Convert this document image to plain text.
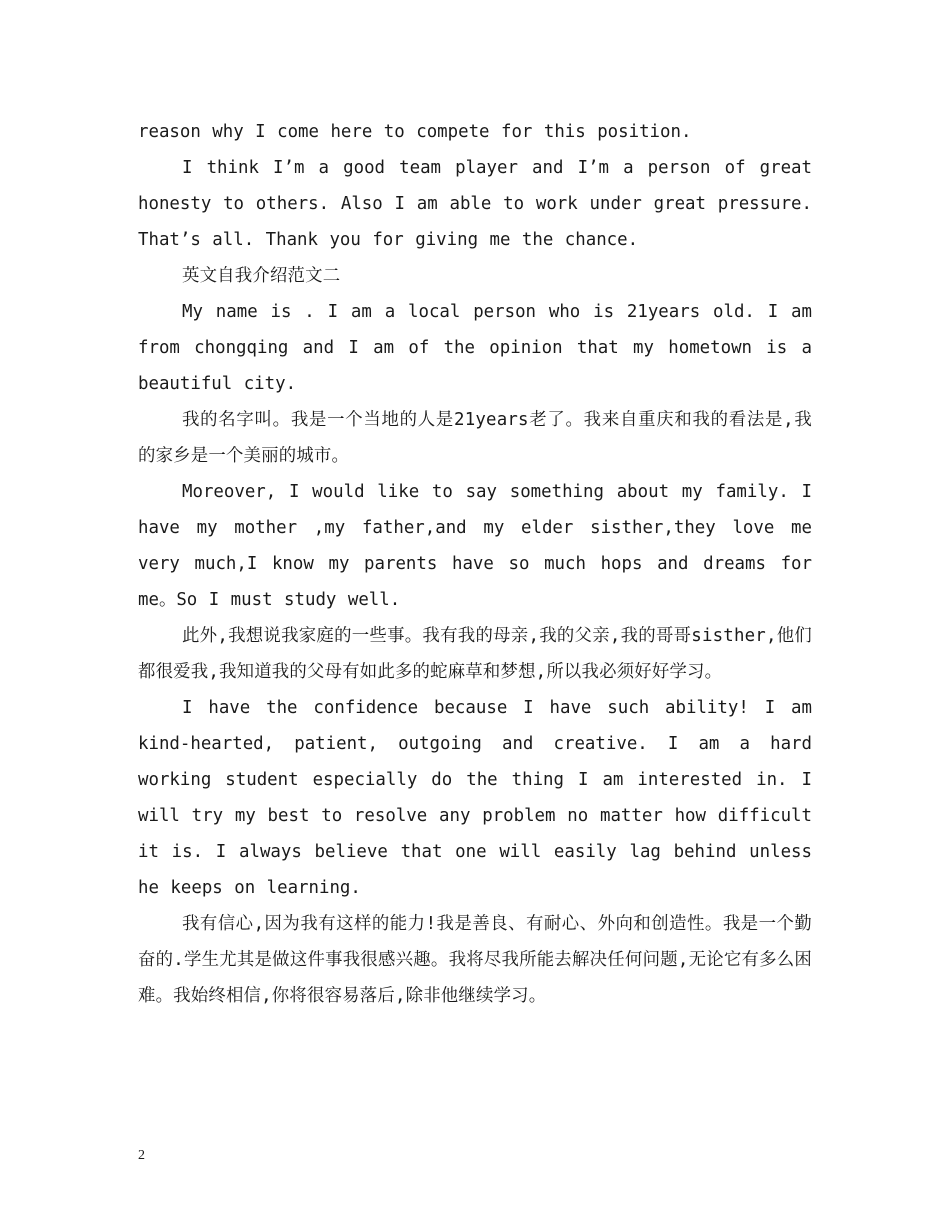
reason why I come here to compete for this position.

I think I’m a good team player and I’m a person of great honesty to others. Also I am able to work under great pressure. That’s all. Thank you for giving me the chance.

英文自我介绍范文二

My name is . I am a local person who is 21years old. I am from chongqing and I am of the opinion that my hometown is a beautiful city.

我的名字叫。我是一个当地的人是21years老了。我来自重庆和我的看法是,我的家乡是一个美丽的城市。

Moreover, I would like to say something about my family. I have my mother ,my father,and my elder sisther,they love me very much,I know my parents have so much hops and dreams for me。So I must study well.

此外,我想说我家庭的一些事。我有我的母亲,我的父亲,我的哥哥sisther,他们都很爱我,我知道我的父母有如此多的蛇麻草和梦想,所以我必须好好学习。

I have the confidence because I have such ability! I am kind-hearted, patient, outgoing and creative. I am a hard working student especially do the thing I am interested in. I will try my best to resolve any problem no matter how difficult it is. I always believe that one will easily lag behind unless he keeps on learning.

我有信心,因为我有这样的能力!我是善良、有耐心、外向和创造性。我是一个勤奋的.学生尤其是做这件事我很感兴趣。我将尽我所能去解决任何问题,无论它有多么困难。我始终相信,你将很容易落后,除非他继续学习。

2
